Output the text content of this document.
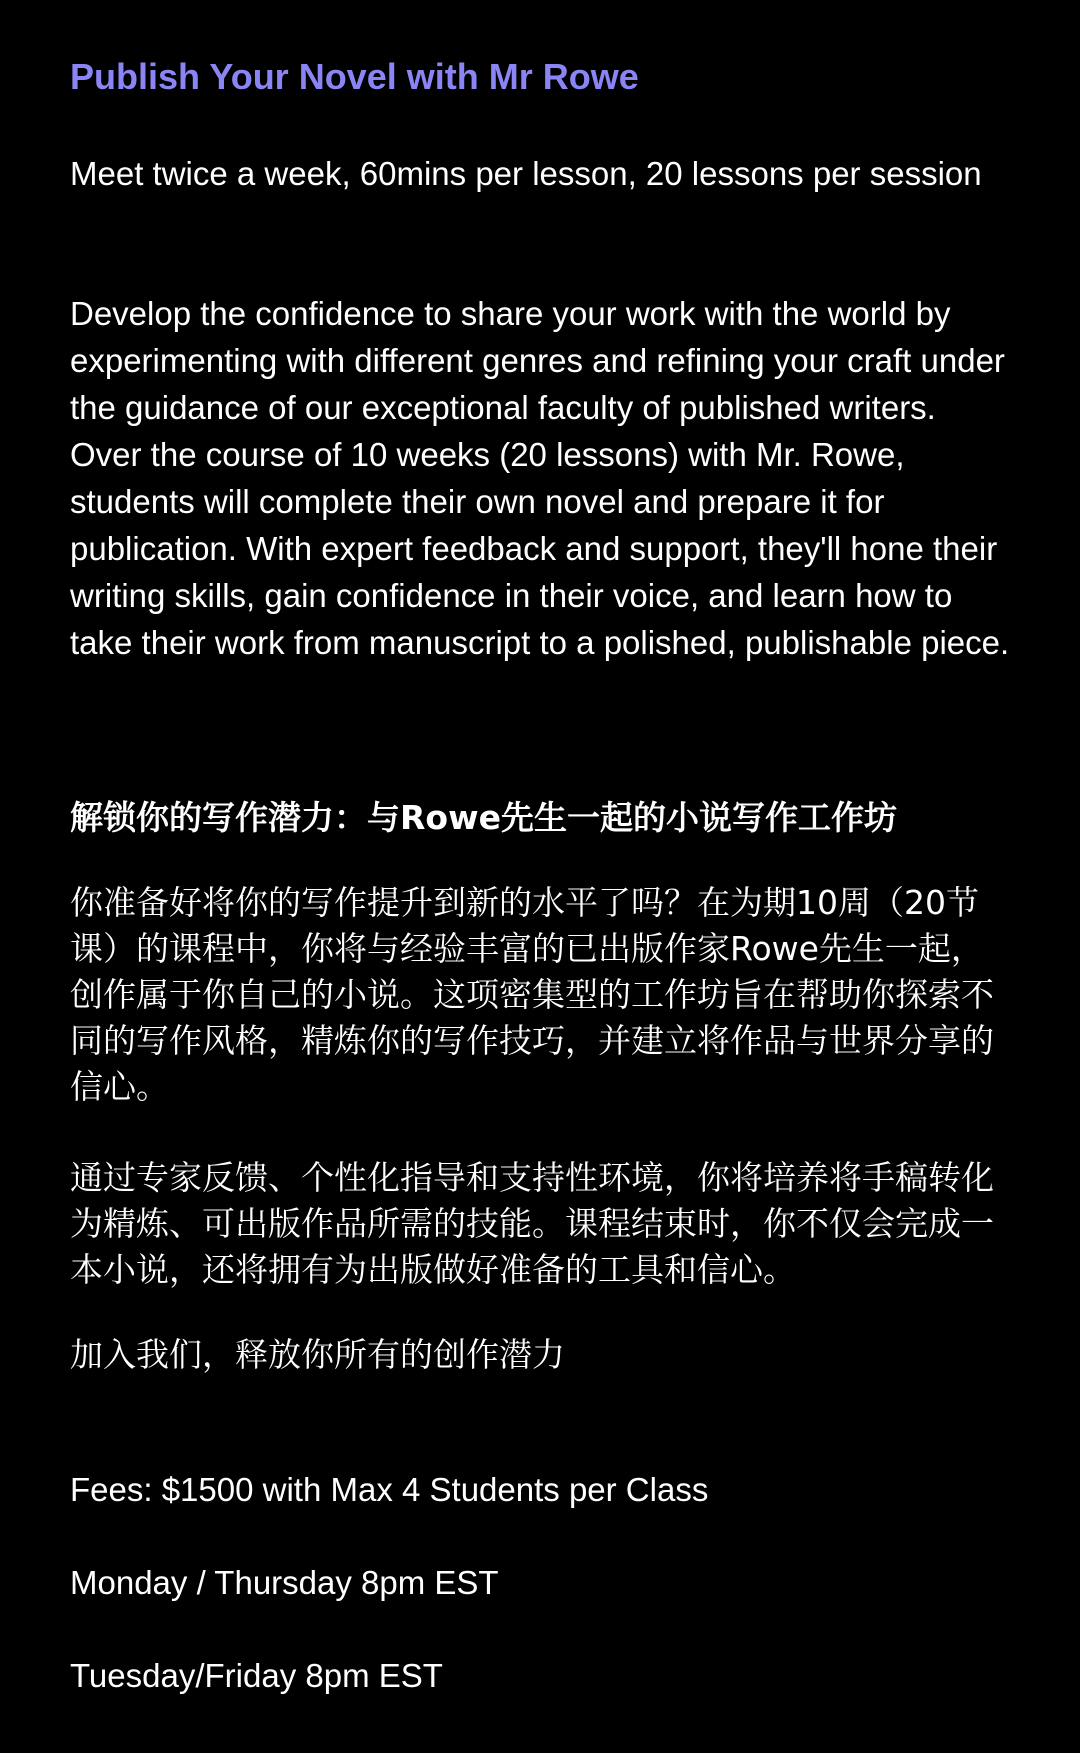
Publish Your Novel with Mr Rowe
Meet twice a week, 60mins per lesson, 20 lessons per session
Develop the confidence to share your work with the world by experimenting with different genres and refining your craft under the guidance of our exceptional faculty of published writers. Over the course of 10 weeks (20 lessons) with Mr. Rowe, students will complete their own novel and prepare it for publication. With expert feedback and support, they'll hone their writing skills, gain confidence in their voice, and learn how to take their work from manuscript to a polished, publishable piece.
解锁你的写作潜力：与Rowe先生一起的小说写作工作坊
你准备好将你的写作提升到新的水平了吗？在为期10周（20节课）的课程中，你将与经验丰富的已出版作家Rowe先生一起，创作属于你自己的小说。这项密集型的工作坊旨在帮助你探索不同的写作风格，精炼你的写作技巧，并建立将作品与世界分享的信心。
通过专家反馈、个性化指导和支持性环境，你将培养将手稿转化为精炼、可出版作品所需的技能。课程结束时，你不仅会完成一本小说，还将拥有为出版做好准备的工具和信心。
加入我们，释放你所有的创作潜力
Fees: $1500 with Max 4 Students per Class
Monday / Thursday 8pm EST
Tuesday/Friday 8pm EST
